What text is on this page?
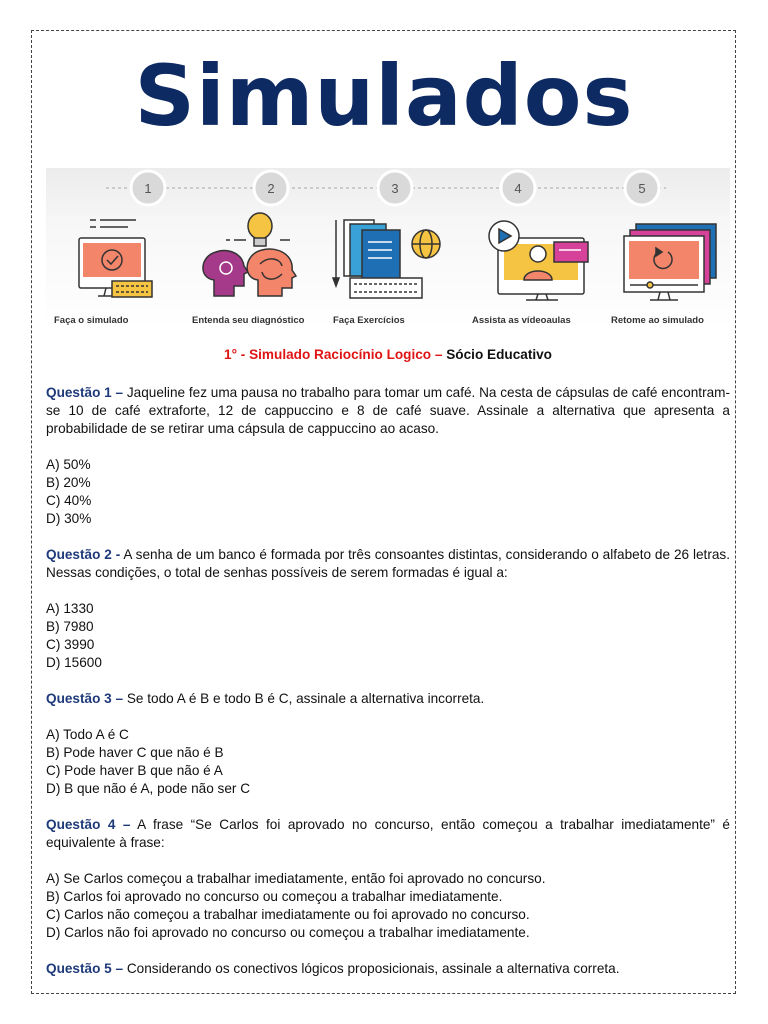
Simulados
1	2	3	4	5
Faça o simulado	Entenda seu diagnóstico	Faça Exercícios	Assista as vídeoaulas	Retome ao simulado
1° - Simulado Raciocínio Logico – Sócio Educativo
Questão 1 – Jaqueline fez uma pausa no trabalho para tomar um café. Na cesta de cápsulas de café encontram-se 10 de café extraforte, 12 de cappuccino e 8 de café suave. Assinale a alternativa que apresenta a probabilidade de se retirar uma cápsula de cappuccino ao acaso.
A) 50%
B) 20%
C) 40%
D) 30%
Questão 2 - A senha de um banco é formada por três consoantes distintas, considerando o alfabeto de 26 letras. Nessas condições, o total de senhas possíveis de serem formadas é igual a:
A) 1330
B) 7980
C) 3990
D) 15600
Questão 3 – Se todo A é B e todo B é C, assinale a alternativa incorreta.
A) Todo A é C
B) Pode haver C que não é B
C) Pode haver B que não é A
D) B que não é A, pode não ser C
Questão 4 – A frase “Se Carlos foi aprovado no concurso, então começou a trabalhar imediatamente” é equivalente à frase:
A) Se Carlos começou a trabalhar imediatamente, então foi aprovado no concurso.
B) Carlos foi aprovado no concurso ou começou a trabalhar imediatamente.
C) Carlos não começou a trabalhar imediatamente ou foi aprovado no concurso.
D) Carlos não foi aprovado no concurso ou começou a trabalhar imediatamente.
Questão 5 – Considerando os conectivos lógicos proposicionais, assinale a alternativa correta.
